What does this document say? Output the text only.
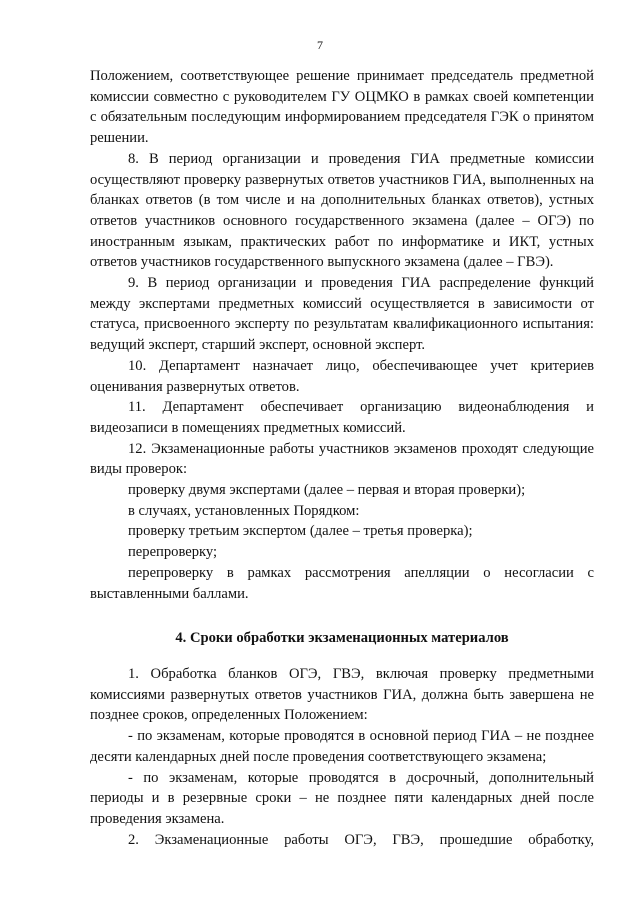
7
Положением, соответствующее решение принимает председатель предметной комиссии совместно с руководителем ГУ ОЦМКО в рамках своей компетенции с обязательным последующим информированием председателя ГЭК о принятом решении.
8. В период организации и проведения ГИА предметные комиссии осуществляют проверку развернутых ответов участников ГИА, выполненных на бланках ответов (в том числе и на дополнительных бланках ответов), устных ответов участников основного государственного экзамена (далее – ОГЭ) по иностранным языкам, практических работ по информатике и ИКТ, устных ответов участников государственного выпускного экзамена (далее – ГВЭ).
9. В период организации и проведения ГИА распределение функций между экспертами предметных комиссий осуществляется в зависимости от статуса, присвоенного эксперту по результатам квалификационного испытания: ведущий эксперт, старший эксперт, основной эксперт.
10. Департамент назначает лицо, обеспечивающее учет критериев оценивания развернутых ответов.
11. Департамент обеспечивает организацию видеонаблюдения и видеозаписи в помещениях предметных комиссий.
12. Экзаменационные работы участников экзаменов проходят следующие виды проверок:
проверку двумя экспертами (далее – первая и вторая проверки);
в случаях, установленных Порядком:
проверку третьим экспертом (далее – третья проверка);
перепроверку;
перепроверку в рамках рассмотрения апелляции о несогласии с выставленными баллами.
4. Сроки обработки экзаменационных материалов
1. Обработка бланков ОГЭ, ГВЭ, включая проверку предметными комиссиями развернутых ответов участников ГИА, должна быть завершена не позднее сроков, определенных Положением:
- по экзаменам, которые проводятся в основной период ГИА – не позднее десяти календарных дней после проведения соответствующего экзамена;
- по экзаменам, которые проводятся в досрочный, дополнительный периоды и в резервные сроки – не позднее пяти календарных дней после проведения экзамена.
2. Экзаменационные работы ОГЭ, ГВЭ, прошедшие обработку,
